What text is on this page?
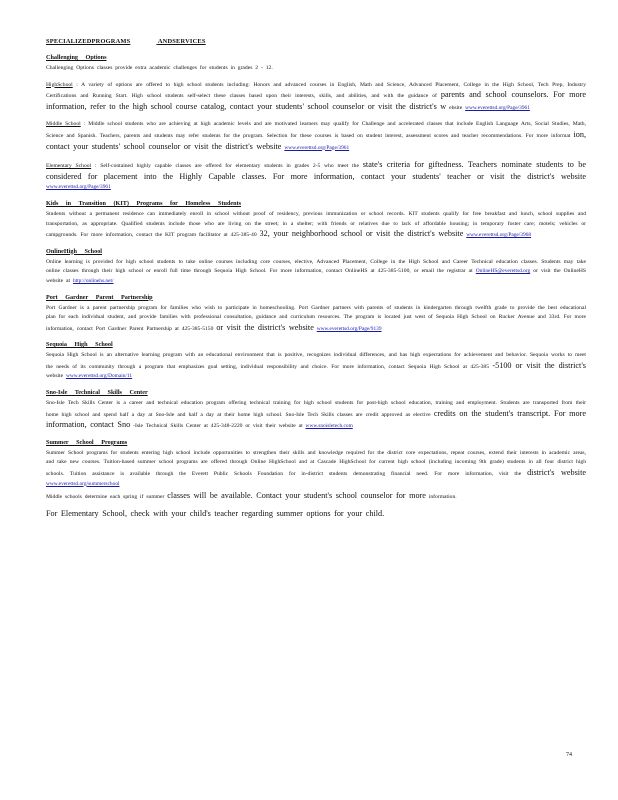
SPECIALIZEDPROGRAMS	ANDSERVICES
Challenging Options
Challenging Options classes provide extra academic challenges for students in grades 2 - 12.
HighSchool : A variety of options are offered to high school students including: Honors and advanced courses in English, Math and Science, Advanced Placement, College in the High School, Tech Prep, Industry Certifications and Running Start. High school students self-select these classes based upon their interests, skills, and abilities, and with the guidance of parents and school counselors. For more information, refer to the high school course catalog, contact your students' school counselor or visit the district's w ebsite www.everettsd.org/Page/3961
Middle School : Middle school students who are achieving at high academic levels and are motivated learners may qualify for Challenge and accelerated classes that include English Language Arts, Social Studies, Math, Science and Spanish. Teachers, parents and students may refer students for the program. Selection for these courses is based on student interest, assessment scores and teacher recommendations. For more informat ion, contact your students' school counselor or visit the district's website www.everettsd.org/Page/3961
Elementary School : Self-contained highly capable classes are offered for elementary students in grades 2-5 who meet the state's criteria for giftedness. Teachers nominate students to be considered for placement into the Highly Capable classes. For more information, contact your students' teacher or visit the district's website www.everettsd.org/Page/3961
Kids in Transition (KIT) Programs for Homeless Students
Students without a permanent residence can immediately enroll in school without proof of residency, previous immunization or school records. KIT students qualify for free breakfast and lunch, school supplies and transportation, as appropriate. Qualified students include those who are living on the street; in a shelter; with friends or relatives due to lack of affordable housing; in temporary foster care; motels; vehicles or campgrounds. For more information, contact the KIT program facilitator at 425-385-40 32, your neighborhood school or visit the district's website www.everettsd.org/Page/3968
OnlineHigh School
Online learning is provided for high school students to take online courses including core courses, elective, Advanced Placement, College in the High School and Career Technical education classes. Students may take online classes through their high school or enroll full time through Sequoia High School. For more information, contact OnlineHS at 425-385-5100, or email the registrar at OnlineHS@everettsd.org or visit the OnlineHS website at http://onlinehs.net/
Port Gardner Parent Partnership
Port Gardner is a parent partnership program for families who wish to participate in homeschooling. Port Gardner partners with parents of students in kindergarten through twelfth grade to provide the best educational plan for each individual student, and provide families with professional consultation, guidance and curriculum resources. The program is located just west of Sequoia High School on Rucker Avenue and 33rd. For more information, contact Port Gardner Parent Partnership at 425-385-5150 or visit the district's website www.everettsd.org/Page/9139
Sequoia High School
Sequoia High School is an alternative learning program with an educational environment that is positive, recognizes individual differences, and has high expectations for achievement and behavior. Sequoia works to meet the needs of its community through a program that emphasizes goal setting, individual responsibility and choice. For more information, contact Sequoia High School at 425-385 -5100 or visit the district's website www.everettsd.org/Domain/11
Sno-Isle Technical Skills Center
Sno-Isle Tech Skills Center is a career and technical education program offering technical training for high school students for post-high school education, training and employment. Students are transported from their home high school and spend half a day at Sno-Isle and half a day at their home high school. Sno-Isle Tech Skills classes are credit approved as elective credits on the student's transcript. For more information, contact Sno -Isle Technical Skills Center at 425-348-2220 or visit their website at www.snoisletech.com
Summer School Programs
Summer School programs for students entering high school include opportunities to strengthen their skills and knowledge required for the district core expectations, repeat courses, extend their interests in academic areas, and take new courses. Tuition-based summer school programs are offered through Online HighSchool and at Cascade HighSchool for current high school (including incoming 9th grade) students in all four district high schools. Tuition assistance is available through the Everett Public Schools Foundation for in-district students demonstrating financial need. For more information, visit the district's website www.everettsd.org/summerschool
Middle schools determine each spring if summer classes will be available. Contact your student's school counselor for more information.
For Elementary School, check with your child's teacher regarding summer options for your child.
74
